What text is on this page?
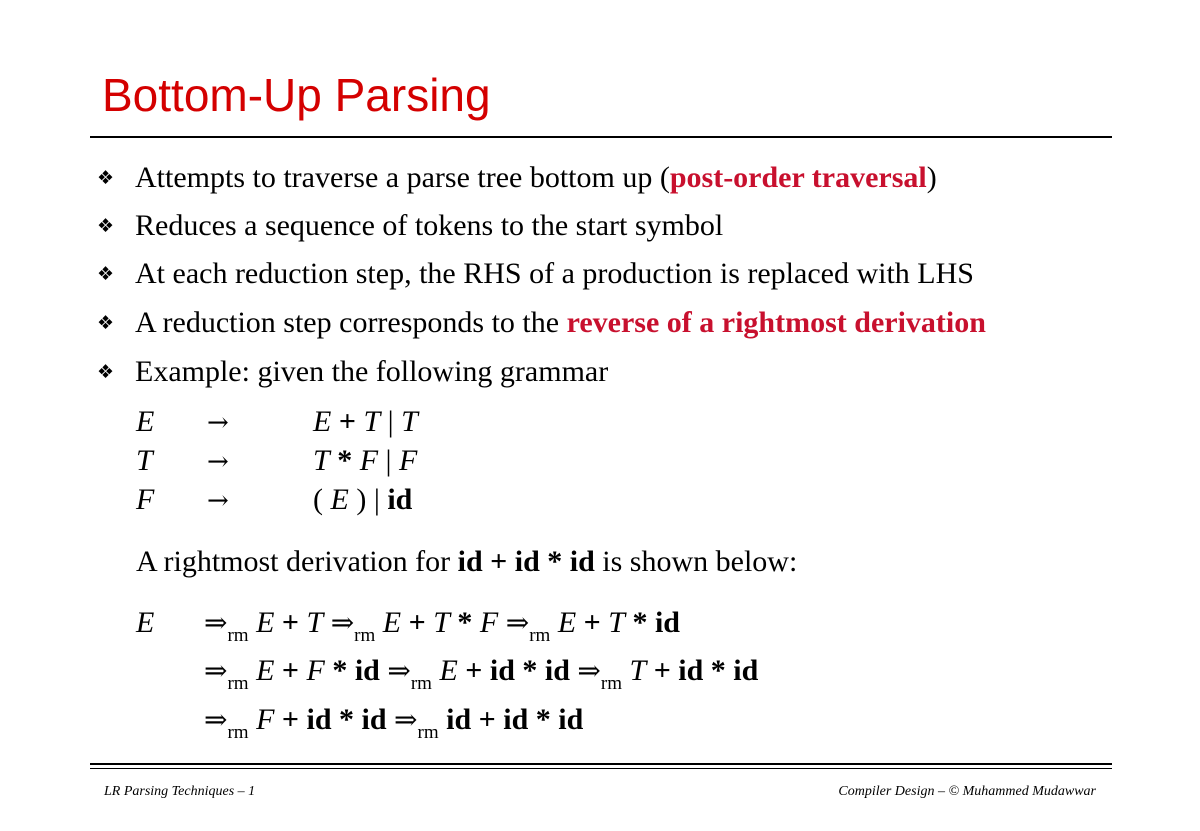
Bottom-Up Parsing
❖ Attempts to traverse a parse tree bottom up (post-order traversal)
❖ Reduces a sequence of tokens to the start symbol
❖ At each reduction step, the RHS of a production is replaced with LHS
❖ A reduction step corresponds to the reverse of a rightmost derivation
❖ Example: given the following grammar
E →	E + T | T
T →	T * F | F
F →	( E ) | id
A rightmost derivation for id + id * id is shown below:
E $\Rightarrow_{rm}$ E + T $\Rightarrow_{rm}$ E + T * F $\Rightarrow_{rm}$ E + T * id
$\Rightarrow_{rm}$ E + F * id $\Rightarrow_{rm}$ E + id * id $\Rightarrow_{rm}$ T + id * id
$\Rightarrow_{rm}$ F + id * id $\Rightarrow_{rm}$ id + id * id
LR Parsing Techniques – 1	Compiler Design – © Muhammed Mudawwar
